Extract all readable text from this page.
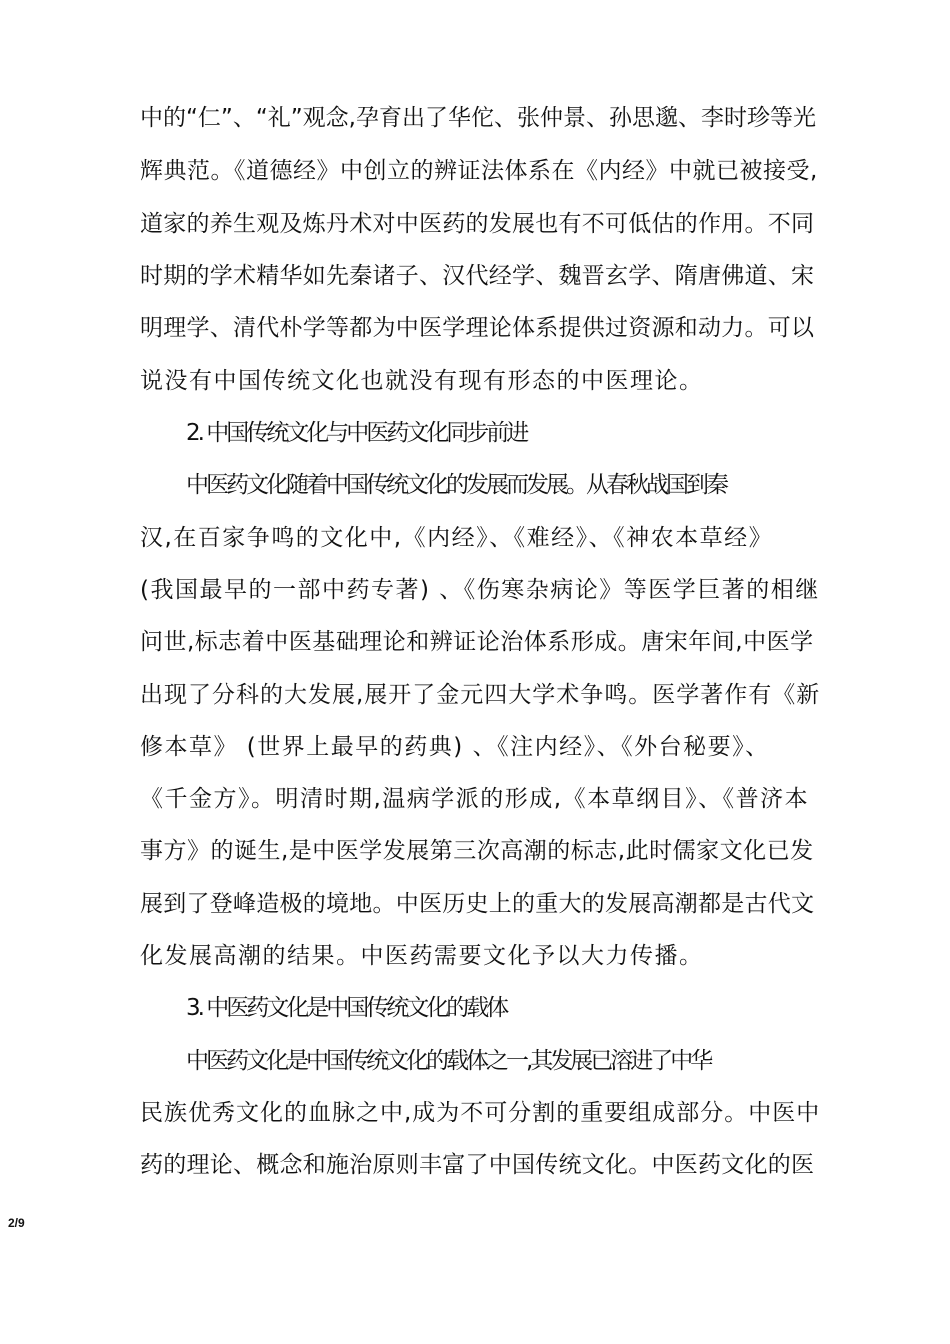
中的“仁”、“礼”观念,孕育出了华佗、张仲景、孙思邈、李时珍等光
辉典范。《道德经》中创立的辨证法体系在《内经》中就已被接受,
道家的养生观及炼丹术对中医药的发展也有不可低估的作用。不同
时期的学术精华如先秦诸子、汉代经学、魏晋玄学、隋唐佛道、宋
明理学、清代朴学等都为中医学理论体系提供过资源和动力。可以
说没有中国传统文化也就没有现有形态的中医理论。
2. 中国传统文化与中医药文化同步前进
中医药文化随着中国传统文化的发展而发展。从春秋战国到秦
汉,在百家争鸣的文化中,《内经》、《难经》、《神农本草经》
(我国最早的一部中药专著) 、《伤寒杂病论》等医学巨著的相继
问世,标志着中医基础理论和辨证论治体系形成。唐宋年间,中医学
出现了分科的大发展,展开了金元四大学术争鸣。医学著作有《新
修本草》 (世界上最早的药典) 、《注内经》、《外台秘要》、
《千金方》。明清时期,温病学派的形成,《本草纲目》、《普济本
事方》的诞生,是中医学发展第三次高潮的标志,此时儒家文化已发
展到了登峰造极的境地。中医历史上的重大的发展高潮都是古代文
化发展高潮的结果。中医药需要文化予以大力传播。
3. 中医药文化是中国传统文化的载体
中医药文化是中国传统文化的载体之一,其发展已溶进了中华
民族优秀文化的血脉之中,成为不可分割的重要组成部分。中医中
药的理论、概念和施治原则丰富了中国传统文化。中医药文化的医
2/9
